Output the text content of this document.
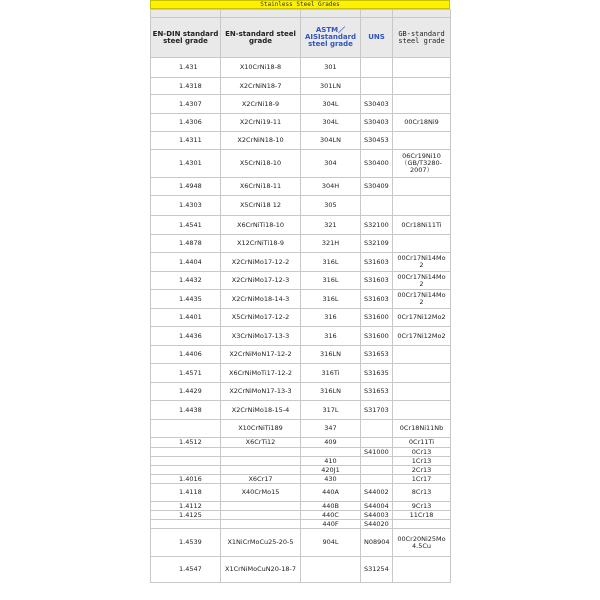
Stainless Steel Grades

EN-DIN standard steel grade	EN-standard steel grade	ASTM／AISIstandard steel grade	UNS	GB-standard steel grade
1.431	X10CrNi18-8	301		
1.4318	X2CrNiN18-7	301LN		
1.4307	X2CrNi18-9	304L	S30403	
1.4306	X2CrNi19-11	304L	S30403	00Cr18Ni9
1.4311	X2CrNiN18-10	304LN	S30453	
1.4301	X5CrNi18-10	304	S30400	06Cr19Ni10
（GB/T3280-
2007）
1.4948	X6CrNi18-11	304H	S30409	
1.4303	X5CrNi18 12	305		
1.4541	X6CrNiTi18-10	321	S32100	0Cr18Ni11Ti
1.4878	X12CrNiTi18-9	321H	S32109	
1.4404	X2CrNiMo17-12-2	316L	S31603	00Cr17Ni14Mo
2
1.4432	X2CrNiMo17-12-3	316L	S31603	00Cr17Ni14Mo
2
1.4435	X2CrNiMo18-14-3	316L	S31603	00Cr17Ni14Mo
2
1.4401	X5CrNiMo17-12-2	316	S31600	0Cr17Ni12Mo2
1.4436	X3CrNiMo17-13-3	316	S31600	0Cr17Ni12Mo2
1.4406	X2CrNiMoN17-12-2	316LN	S31653	
1.4571	X6CrNiMoTi17-12-2	316Ti	S31635	
1.4429	X2CrNiMoN17-13-3	316LN	S31653	
1.4438	X2CrNiMo18-15-4	317L	S31703	
	X10CrNiTi189	347		0Cr18Ni11Nb
1.4512	X6CrTi12	409		0Cr11Ti
			S41000	0Cr13
		410		1Cr13
		420J1		2Cr13
1.4016	X6Cr17	430		1Cr17
1.4118	X40CrMo15	440A	S44002	8Cr13
1.4112		440B	S44004	9Cr13
1.4125		440C	S44003	11Cr18
		440F	S44020	
1.4539	X1NiCrMoCu25-20-5	904L	N08904	00Cr20Ni25Mo
4.5Cu
1.4547	X1CrNiMoCuN20-18-7		S31254	
